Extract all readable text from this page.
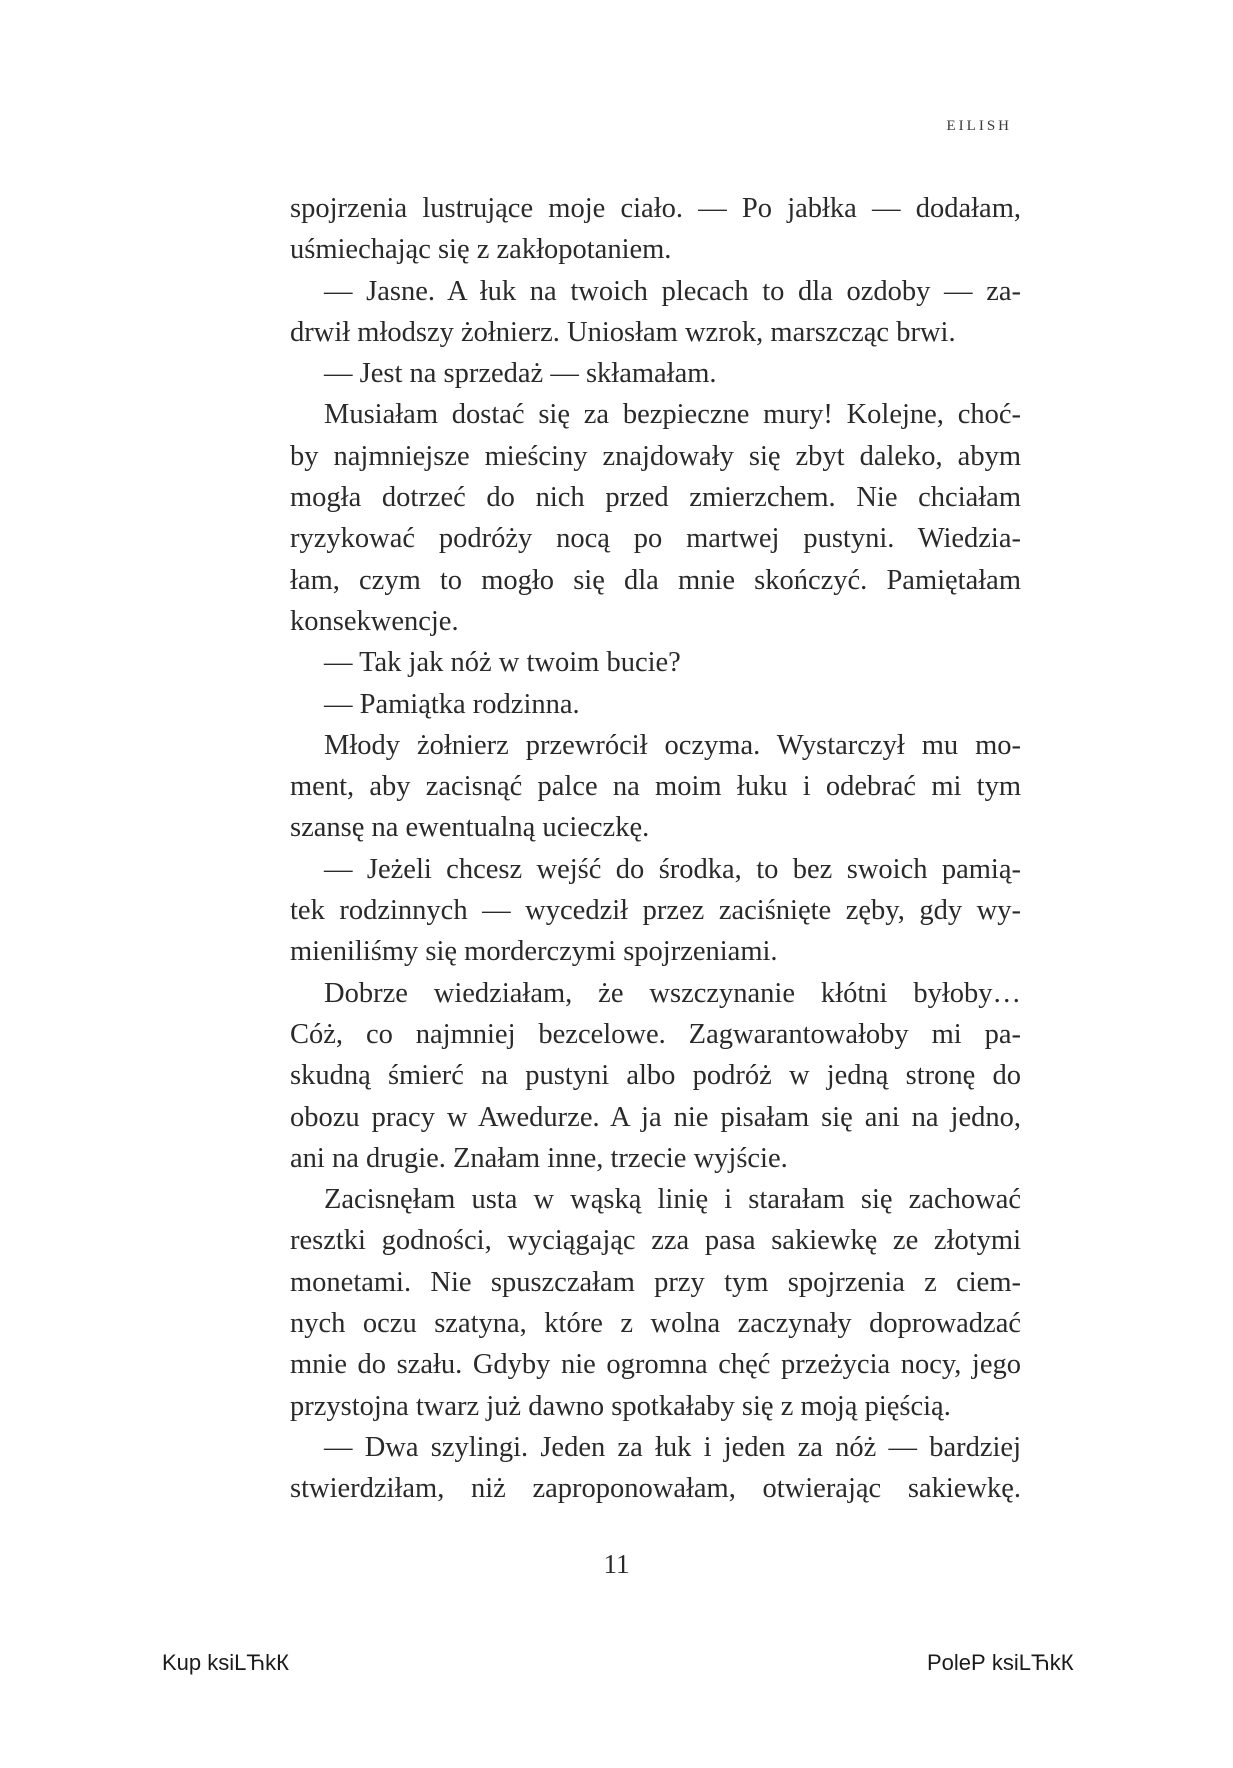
EILISH
spojrzenia lustrujące moje ciało. — Po jabłka — dodałam,
uśmiechając się z zakłopotaniem.
— Jasne. A łuk na twoich plecach to dla ozdoby — za-
drwił młodszy żołnierz. Uniosłam wzrok, marszcząc brwi.
— Jest na sprzedaż — skłamałam.
Musiałam dostać się za bezpieczne mury! Kolejne, choć-
by najmniejsze mieściny znajdowały się zbyt daleko, abym
mogła dotrzeć do nich przed zmierzchem. Nie chciałam
ryzykować podróży nocą po martwej pustyni. Wiedzia-
łam, czym to mogło się dla mnie skończyć. Pamiętałam
konsekwencje.
— Tak jak nóż w twoim bucie?
— Pamiątka rodzinna.
Młody żołnierz przewrócił oczyma. Wystarczył mu mo-
ment, aby zacisnąć palce na moim łuku i odebrać mi tym
szansę na ewentualną ucieczkę.
— Jeżeli chcesz wejść do środka, to bez swoich pamią-
tek rodzinnych — wycedził przez zaciśnięte zęby, gdy wy-
mieniliśmy się morderczymi spojrzeniami.
Dobrze wiedziałam, że wszczynanie kłótni byłoby…
Cóż, co najmniej bezcelowe. Zagwarantowałoby mi pa-
skudną śmierć na pustyni albo podróż w jedną stronę do
obozu pracy w Awedurze. A ja nie pisałam się ani na jedno,
ani na drugie. Znałam inne, trzecie wyjście.
Zacisnęłam usta w wąską linię i starałam się zachować
resztki godności, wyciągając zza pasa sakiewkę ze złotymi
monetami. Nie spuszczałam przy tym spojrzenia z ciem-
nych oczu szatyna, które z wolna zaczynały doprowadzać
mnie do szału. Gdyby nie ogromna chęć przeżycia nocy, jego
przystojna twarz już dawno spotkałaby się z moją pięścią.
— Dwa szylingi. Jeden za łuk i jeden za nóż — bardziej
stwierdziłam, niż zaproponowałam, otwierając sakiewkę.
11
Kup ksiLЋkК	PoleР ksiLЋkК
